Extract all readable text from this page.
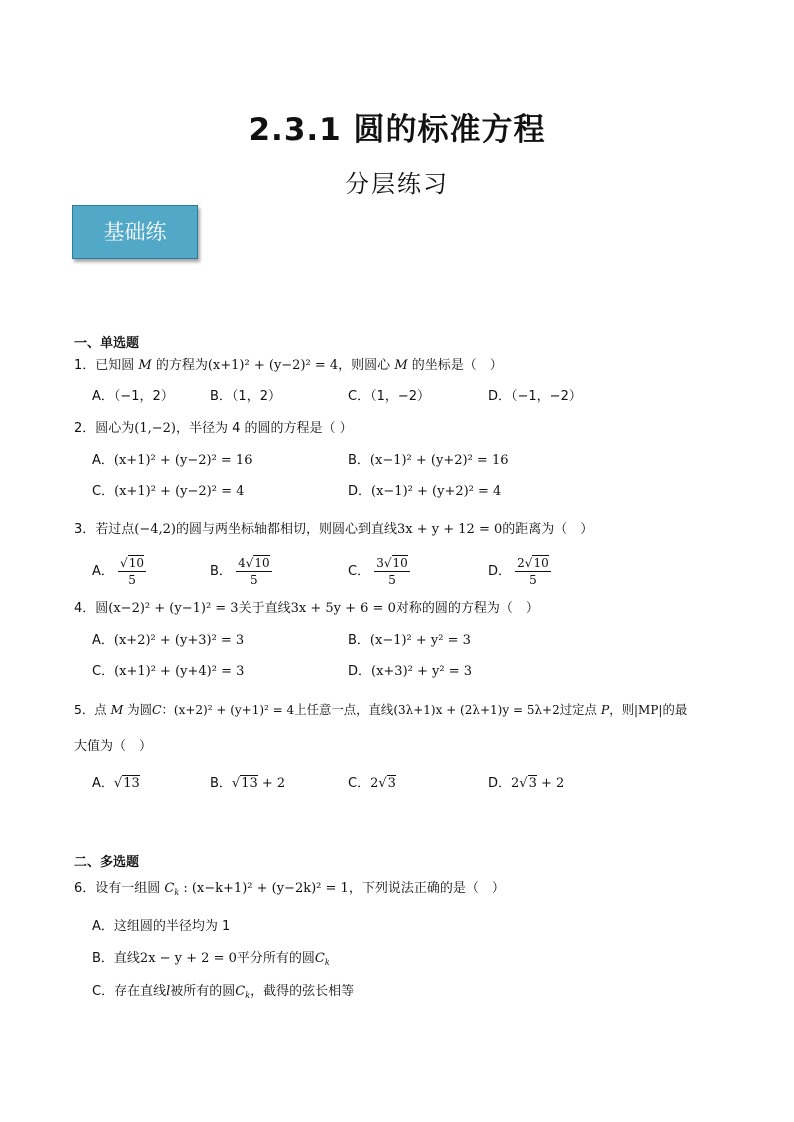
2.3.1 圆的标准方程
分层练习
基础练
一、单选题
1．已知圆 M 的方程为(x+1)² + (y−2)² = 4，则圆心 M 的坐标是（　）
A．（−1，2）	B．（1，2）	C．（1，−2）	D．（−1，−2）
2．圆心为(1,−2)，半径为 4 的圆的方程是（ ）
A．(x+1)² + (y−2)² = 16	B．(x−1)² + (y+2)² = 16
C．(x+1)² + (y−2)² = 4	D．(x−1)² + (y+2)² = 4
3．若过点(−4,2)的圆与两坐标轴都相切，则圆心到直线3x + y + 12 = 0的距离为（　）
A． $\frac{√10}{5}$	B． $\frac{4√10}{5}$	C． $\frac{3√10}{5}$	D． $\frac{2√10}{5}$
4．圆(x−2)² + (y−1)² = 3关于直线3x + 5y + 6 = 0对称的圆的方程为（　）
A．(x+2)² + (y+3)² = 3	B．(x−1)² + y² = 3
C．(x+1)² + (y+4)² = 3	D．(x+3)² + y² = 3
5．点 M 为圆C：(x+2)² + (y+1)² = 4上任意一点，直线(3λ+1)x + (2λ+1)y = 5λ+2过定点 P，则|MP|的最
大值为（　）
A．√13	B．√13 + 2	C．2√3	D．2√3 + 2
二、多选题
6．设有一组圆 $C_k$ : (x−k+1)² + (y−2k)² = 1，下列说法正确的是（　）
A．这组圆的半径均为 1
B．直线2x − y + 2 = 0平分所有的圆$C_k$
C．存在直线l被所有的圆$C_k$，截得的弦长相等
